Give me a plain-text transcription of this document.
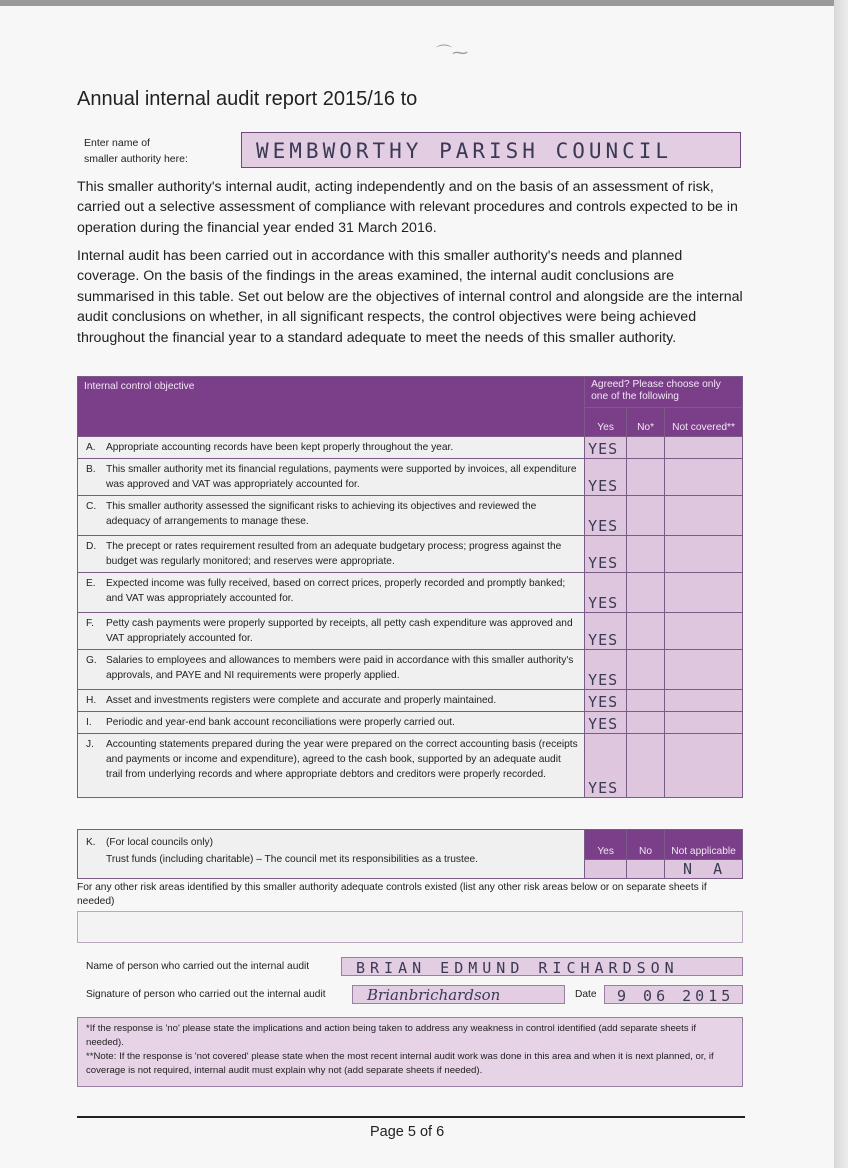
⌒⁓
Annual internal audit report 2015/16 to
Enter name of
smaller authority here:	WEMBWORTHY PARISH COUNCIL
This smaller authority's internal audit, acting independently and on the basis of an assessment of risk, carried out a selective assessment of compliance with relevant procedures and controls expected to be in operation during the financial year ended 31 March 2016.
Internal audit has been carried out in accordance with this smaller authority's needs and planned coverage. On the basis of the findings in the areas examined, the internal audit conclusions are summarised in this table. Set out below are the objectives of internal control and alongside are the internal audit conclusions on whether, in all significant respects, the control objectives were being achieved throughout the financial year to a standard adequate to meet the needs of this smaller authority.
Internal control objective	Agreed? Please choose only one of the following		
	Yes	No*	Not covered**
A. Appropriate accounting records have been kept properly throughout the year.	YES		
B. This smaller authority met its financial regulations, payments were supported by invoices, all expenditure was approved and VAT was appropriately accounted for.	YES		
C. This smaller authority assessed the significant risks to achieving its objectives and reviewed the adequacy of arrangements to manage these.	YES		
D. The precept or rates requirement resulted from an adequate budgetary process; progress against the budget was regularly monitored; and reserves were appropriate.	YES		
E. Expected income was fully received, based on correct prices, properly recorded and promptly banked; and VAT was appropriately accounted for.	YES		
F. Petty cash payments were properly supported by receipts, all petty cash expenditure was approved and VAT appropriately accounted for.	YES		
G. Salaries to employees and allowances to members were paid in accordance with this smaller authority's approvals, and PAYE and NI requirements were properly applied.	YES		
H. Asset and investments registers were complete and accurate and properly maintained.	YES		
I. Periodic and year-end bank account reconciliations were properly carried out.	YES		
J. Accounting statements prepared during the year were prepared on the correct accounting basis (receipts and payments or income and expenditure), agreed to the cash book, supported by an adequate audit trail from underlying records and where appropriate debtors and creditors were properly recorded.	YES		
K. (For local councils only)
Trust funds (including charitable) – The council met its responsibilities as a trustee.	Yes	No	Not applicable
			N A
For any other risk areas identified by this smaller authority adequate controls existed (list any other risk areas below or on separate sheets if needed)
Name of person who carried out the internal audit	BRIAN EDMUND RICHARDSON
Signature of person who carried out the internal audit	Brianbrichardson	Date 9 06 2015
*If the response is 'no' please state the implications and action being taken to address any weakness in control identified (add separate sheets if needed).
**Note: If the response is 'not covered' please state when the most recent internal audit work was done in this area and when it is next planned, or, if coverage is not required, internal audit must explain why not (add separate sheets if needed).
Page 5 of 6
